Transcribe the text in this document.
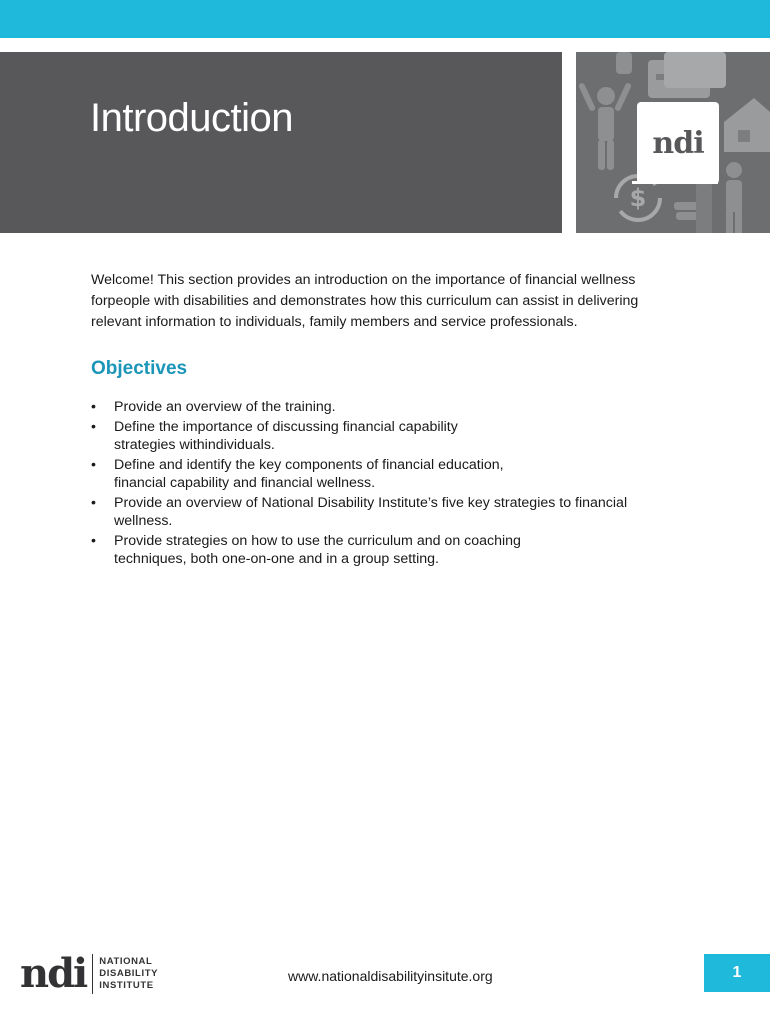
Introduction
$
ndi

Welcome! This section provides an introduction on the importance of financial wellness
forpeople with disabilities and demonstrates how this curriculum can assist in delivering
relevant information to individuals, family members and service professionals.

Objectives
• Provide an overview of the training.
• Define the importance of discussing financial capability
strategies withindividuals.
• Define and identify the key components of financial education,
financial capability and financial wellness.
• Provide an overview of National Disability Institute’s five key strategies to financial
wellness.
• Provide strategies on how to use the curriculum and on coaching
techniques, both one-on-one and in a group setting.
ndi NATIONAL
DISABILITY
INSTITUTE
www.nationaldisabilityinsitute.org	1
